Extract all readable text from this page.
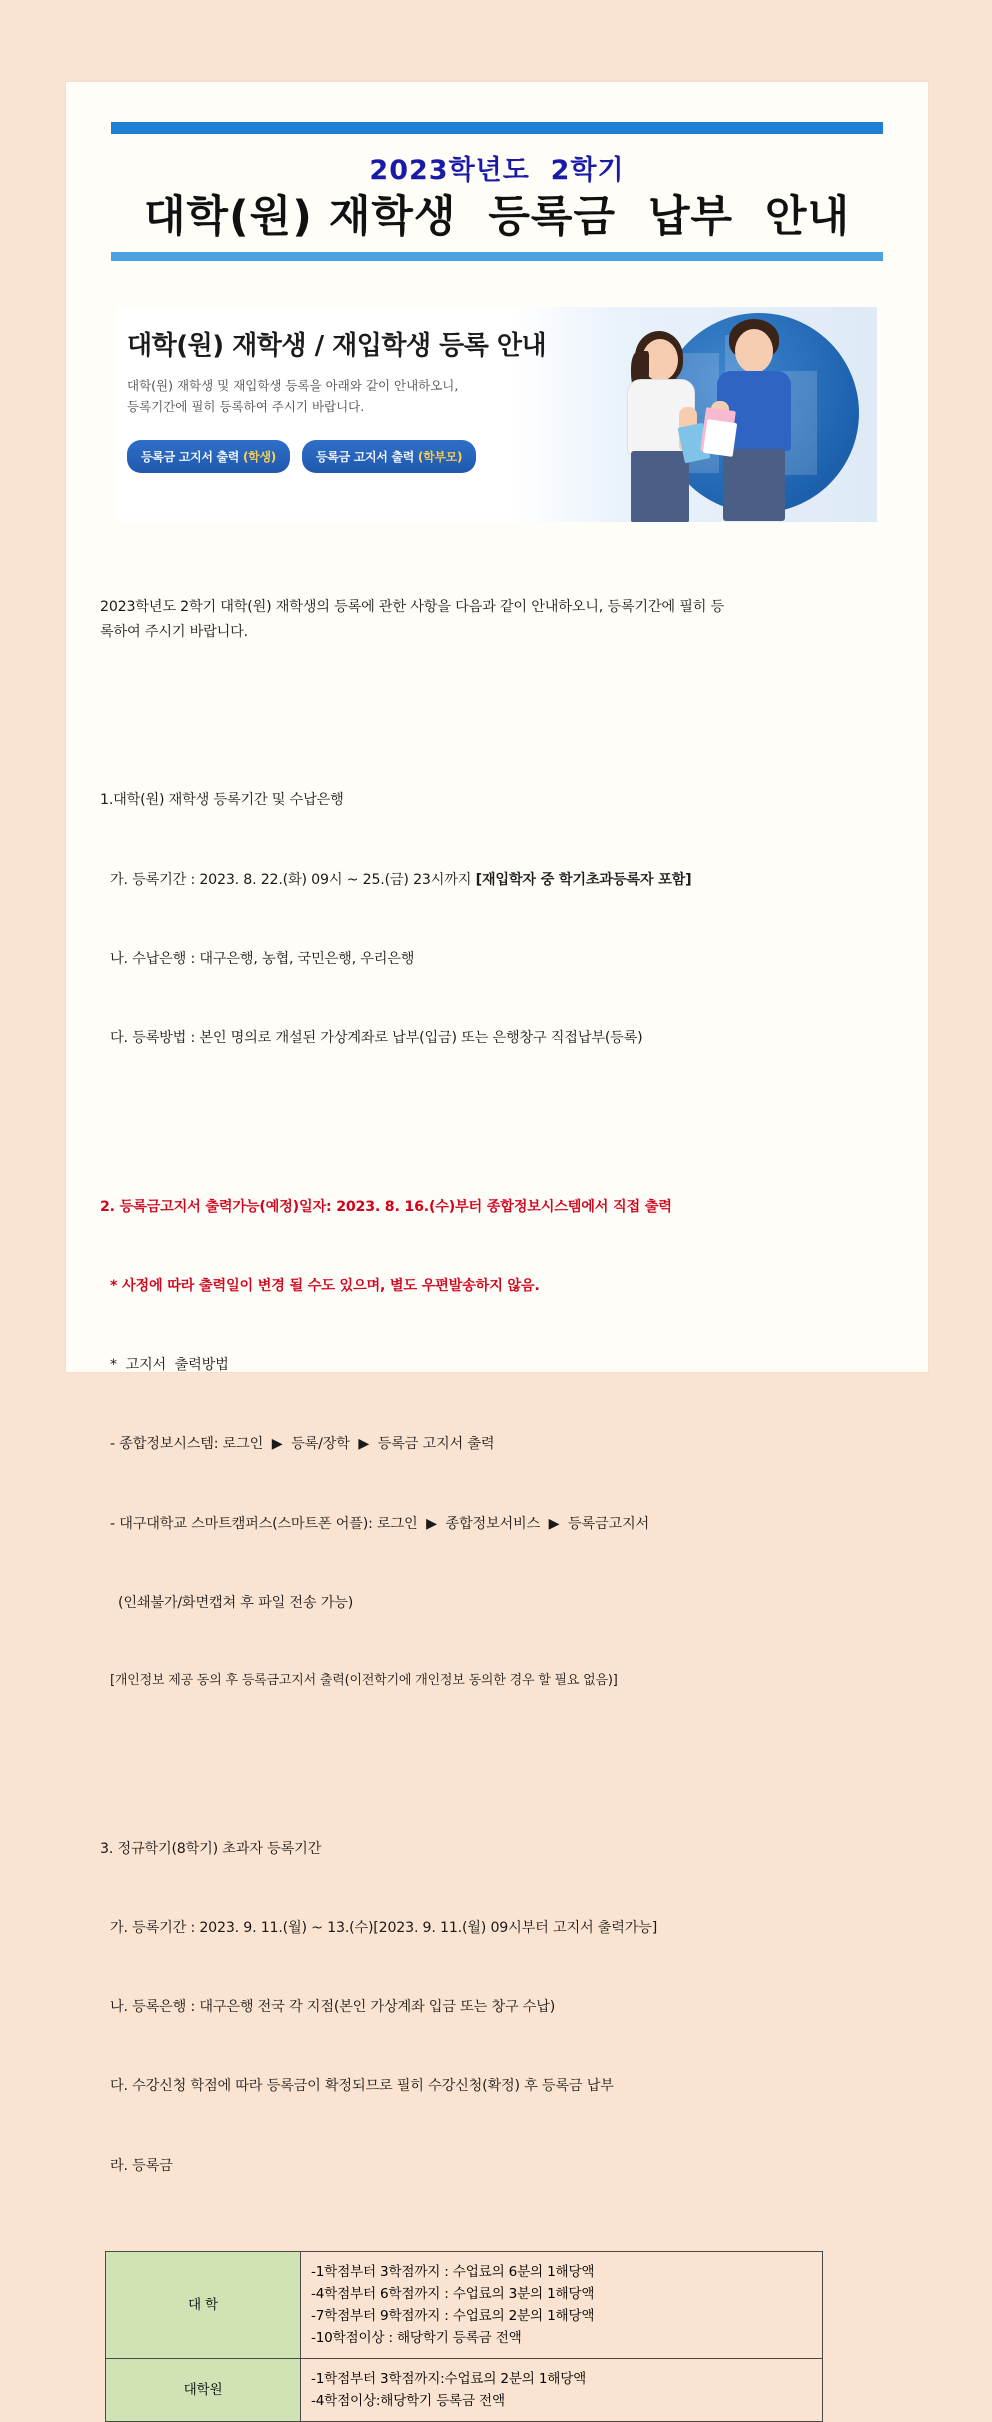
2023학년도  2학기
대학(원) 재학생  등록금  납부  안내
대학(원) 재학생 / 재입학생 등록 안내
대학(원) 재학생 및 재입학생 등록을 아래와 같이 안내하오니,
등록기간에 필히 등록하여 주시기 바랍니다.
등록금 고지서 출력 (학생)	등록금 고지서 출력 (학부모)

2023학년도 2학기 대학(원) 재학생의 등록에 관한 사항을 다음과 같이 안내하오니, 등록기간에 필히 등
록하여 주시기 바랍니다.

1.대학(원) 재학생 등록기간 및 수납은행

가. 등록기간 : 2023. 8. 22.(화) 09시 ~ 25.(금) 23시까지 [재입학자 중 학기초과등록자 포함]

나. 수납은행 : 대구은행, 농협, 국민은행, 우리은행

다. 등록방법 : 본인 명의로 개설된 가상계좌로 납부(입금) 또는 은행창구 직접납부(등록)

2. 등록금고지서 출력가능(예정)일자: 2023. 8. 16.(수)부터 종합정보시스템에서 직접 출력

* 사정에 따라 출력일이 변경 될 수도 있으며, 별도 우편발송하지 않음.

*  고지서  출력방법

- 종합정보시스템: 로그인  ▶  등록/장학  ▶  등록금 고지서 출력

- 대구대학교 스마트캠퍼스(스마트폰 어플): 로그인  ▶  종합정보서비스  ▶  등록금고지서

(인쇄불가/화면캡쳐 후 파일 전송 가능)

[개인정보 제공 동의 후 등록금고지서 출력(이전학기에 개인정보 동의한 경우 할 필요 없음)]

3. 정규학기(8학기) 초과자 등록기간

가. 등록기간 : 2023. 9. 11.(월) ~ 13.(수)[2023. 9. 11.(월) 09시부터 고지서 출력가능]

나. 등록은행 : 대구은행 전국 각 지점(본인 가상계좌 입금 또는 창구 수납)

다. 수강신청 학점에 따라 등록금이 확정되므로 필히 수강신청(확정) 후 등록금 납부

라. 등록금

대 학	-1학점부터 3학점까지 : 수업료의 6분의 1해당액
-4학점부터 6학점까지 : 수업료의 3분의 1해당액
-7학점부터 9학점까지 : 수업료의 2분의 1해당액
-10학점이상 : 해당학기 등록금 전액
대학원	-1학점부터 3학점까지:수업료의 2분의 1해당액
-4학점이상:해당학기 등록금 전액
